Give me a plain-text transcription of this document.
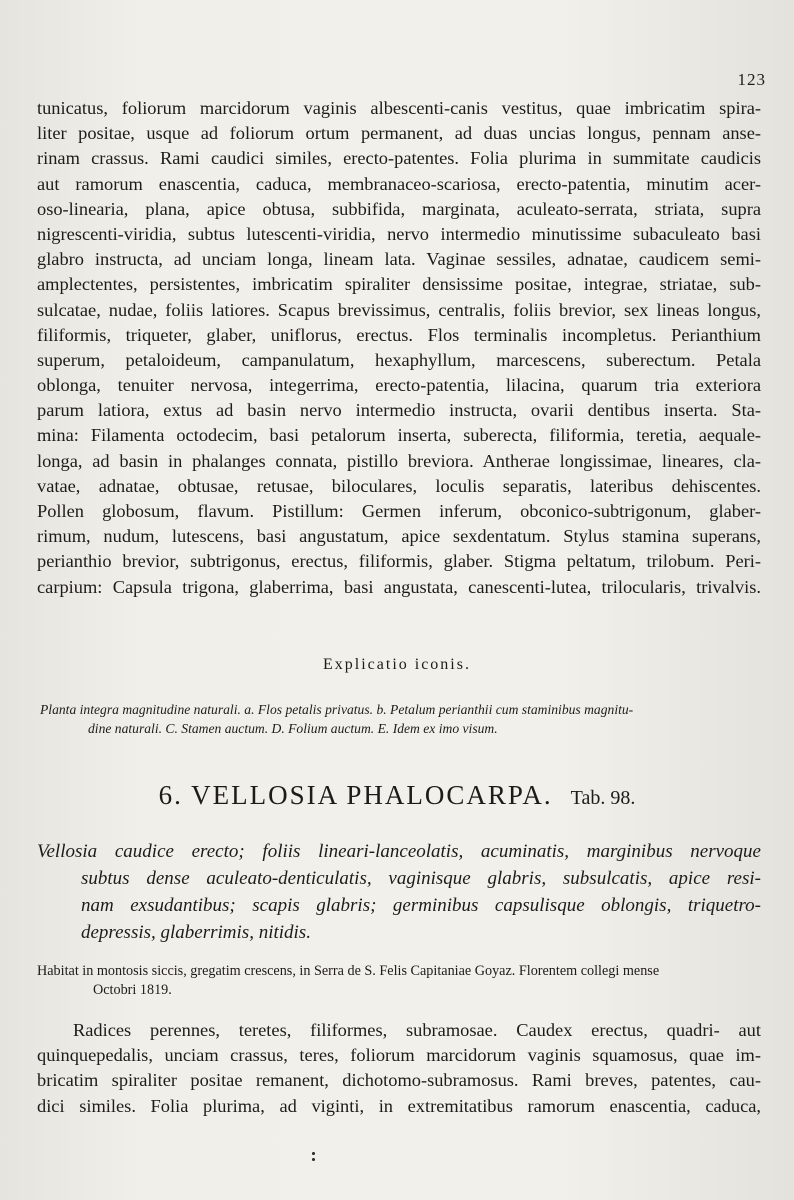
123
tunicatus, foliorum marcidorum vaginis albescenti-canis vestitus, quae imbricatim spira-
liter positae, usque ad foliorum ortum permanent, ad duas uncias longus, pennam anse-
rinam crassus. Rami caudici similes, erecto-patentes. Folia plurima in summitate caudicis
aut ramorum enascentia, caduca, membranaceo-scariosa, erecto-patentia, minutim acer-
oso-linearia, plana, apice obtusa, subbifida, marginata, aculeato-serrata, striata, supra
nigrescenti-viridia, subtus lutescenti-viridia, nervo intermedio minutissime subaculeato basi
glabro instructa, ad unciam longa, lineam lata. Vaginae sessiles, adnatae, caudicem semi-
amplectentes, persistentes, imbricatim spiraliter densissime positae, integrae, striatae, sub-
sulcatae, nudae, foliis latiores. Scapus brevissimus, centralis, foliis brevior, sex lineas longus,
filiformis, triqueter, glaber, uniflorus, erectus. Flos terminalis incompletus. Perianthium
superum, petaloideum, campanulatum, hexaphyllum, marcescens, suberectum. Petala
oblonga, tenuiter nervosa, integerrima, erecto-patentia, lilacina, quarum tria exteriora
parum latiora, extus ad basin nervo intermedio instructa, ovarii dentibus inserta. Sta-
mina: Filamenta octodecim, basi petalorum inserta, suberecta, filiformia, teretia, aequale-
longa, ad basin in phalanges connata, pistillo breviora. Antherae longissimae, lineares, cla-
vatae, adnatae, obtusae, retusae, biloculares, loculis separatis, lateribus dehiscentes.
Pollen globosum, flavum. Pistillum: Germen inferum, obconico-subtrigonum, glaber-
rimum, nudum, lutescens, basi angustatum, apice sexdentatum. Stylus stamina superans,
perianthio brevior, subtrigonus, erectus, filiformis, glaber. Stigma peltatum, trilobum. Peri-
carpium: Capsula trigona, glaberrima, basi angustata, canescenti-lutea, trilocularis, trivalvis.
Explicatio iconis.
Planta integra magnitudine naturali. a. Flos petalis privatus. b. Petalum perianthii cum staminibus magnitu-
dine naturali. C. Stamen auctum. D. Folium auctum. E. Idem ex imo visum.
6. VELLOSIA PHALOCARPA. Tab. 98.
Vellosia caudice erecto; foliis lineari-lanceolatis, acuminatis, marginibus nervoque
subtus dense aculeato-denticulatis, vaginisque glabris, subsulcatis, apice resi-
nam exsudantibus; scapis glabris; germinibus capsulisque oblongis, triquetro-
depressis, glaberrimis, nitidis.
Habitat in montosis siccis, gregatim crescens, in Serra de S. Felis Capitaniae Goyaz. Florentem collegi mense
Octobri 1819.
Radices perennes, teretes, filiformes, subramosae. Caudex erectus, quadri- aut
quinquepedalis, unciam crassus, teres, foliorum marcidorum vaginis squamosus, quae im-
bricatim spiraliter positae remanent, dichotomo-subramosus. Rami breves, patentes, cau-
dici similes. Folia plurima, ad viginti, in extremitatibus ramorum enascentia, caduca,
